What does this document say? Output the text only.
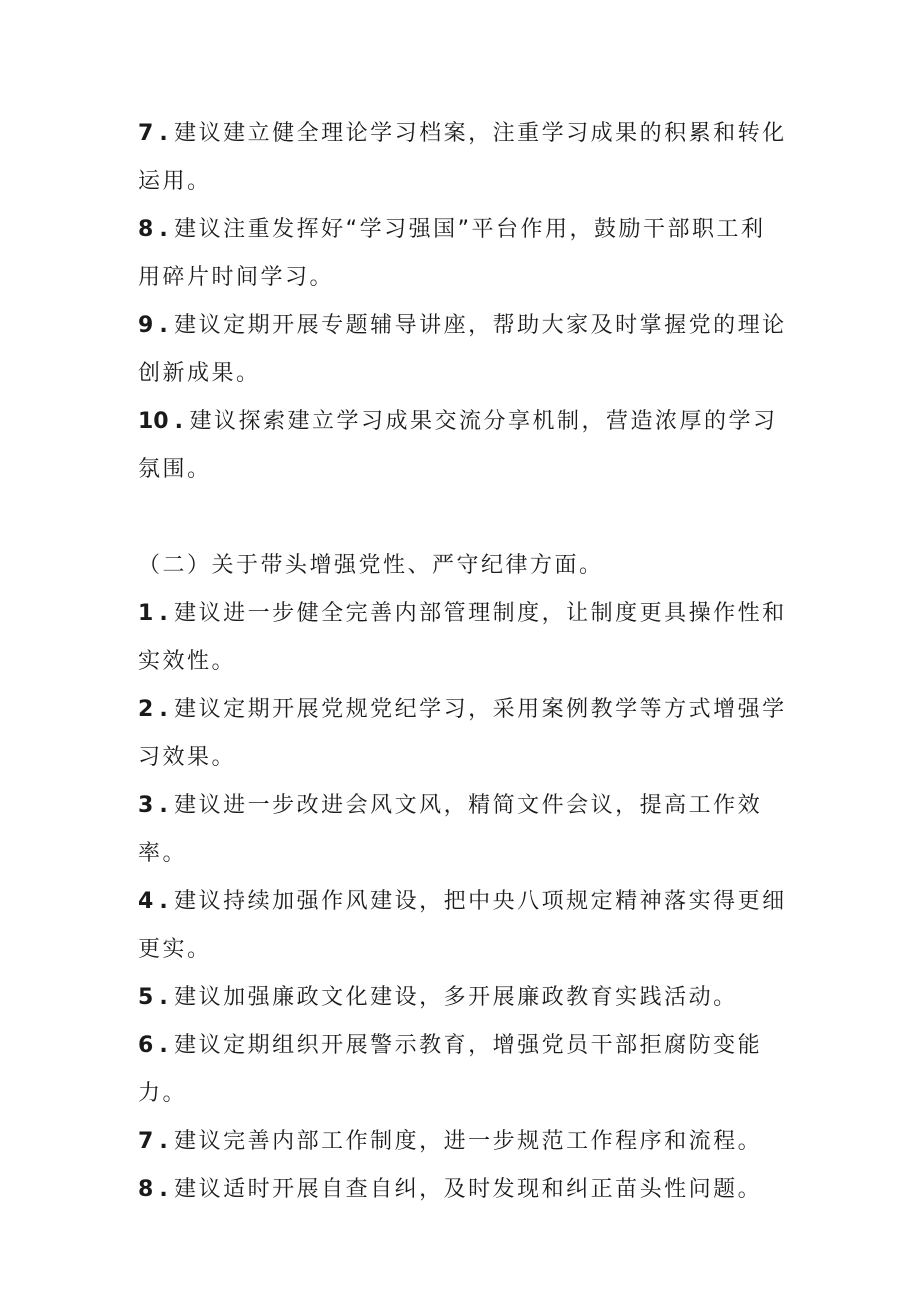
7 . 建议建立健全理论学习档案，注重学习成果的积累和转化运用。

8 . 建议注重发挥好“学习强国”平台作用，鼓励干部职工利用碎片时间学习。

9 . 建议定期开展专题辅导讲座，帮助大家及时掌握党的理论创新成果。

10 . 建议探索建立学习成果交流分享机制，营造浓厚的学习氛围。

（二）关于带头增强党性、严守纪律方面。

1 . 建议进一步健全完善内部管理制度，让制度更具操作性和实效性。

2 . 建议定期开展党规党纪学习，采用案例教学等方式增强学习效果。

3 . 建议进一步改进会风文风，精简文件会议，提高工作效率。

4 . 建议持续加强作风建设，把中央八项规定精神落实得更细更实。

5 . 建议加强廉政文化建设，多开展廉政教育实践活动。

6 . 建议定期组织开展警示教育，增强党员干部拒腐防变能力。

7 . 建议完善内部工作制度，进一步规范工作程序和流程。

8 . 建议适时开展自查自纠，及时发现和纠正苗头性问题。
